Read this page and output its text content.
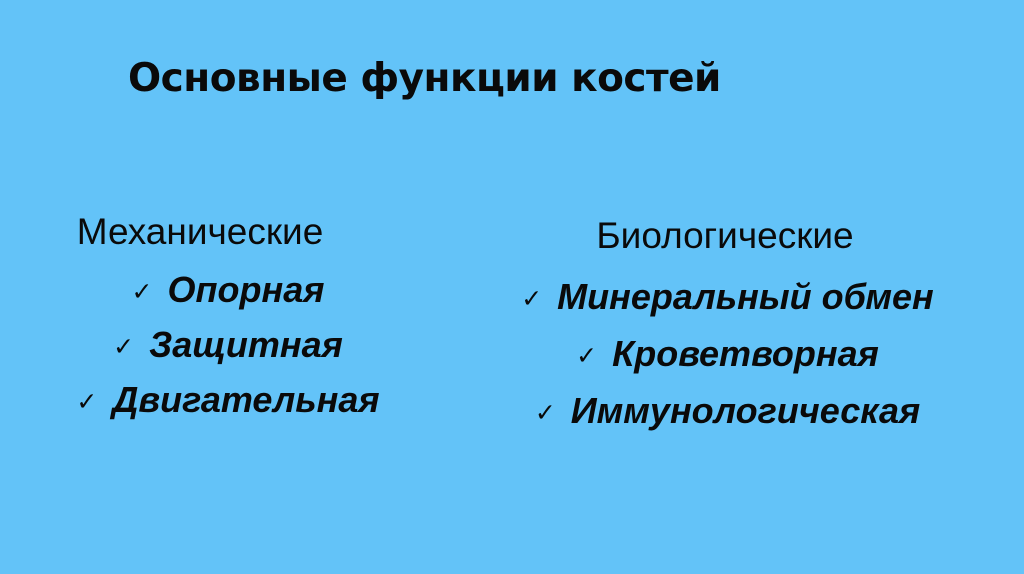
Основные функции костей
Механические
✓ Опорная
✓ Защитная
✓ Двигательная
Биологические
✓ Минеральный обмен
✓ Кроветворная
✓ Иммунологическая
